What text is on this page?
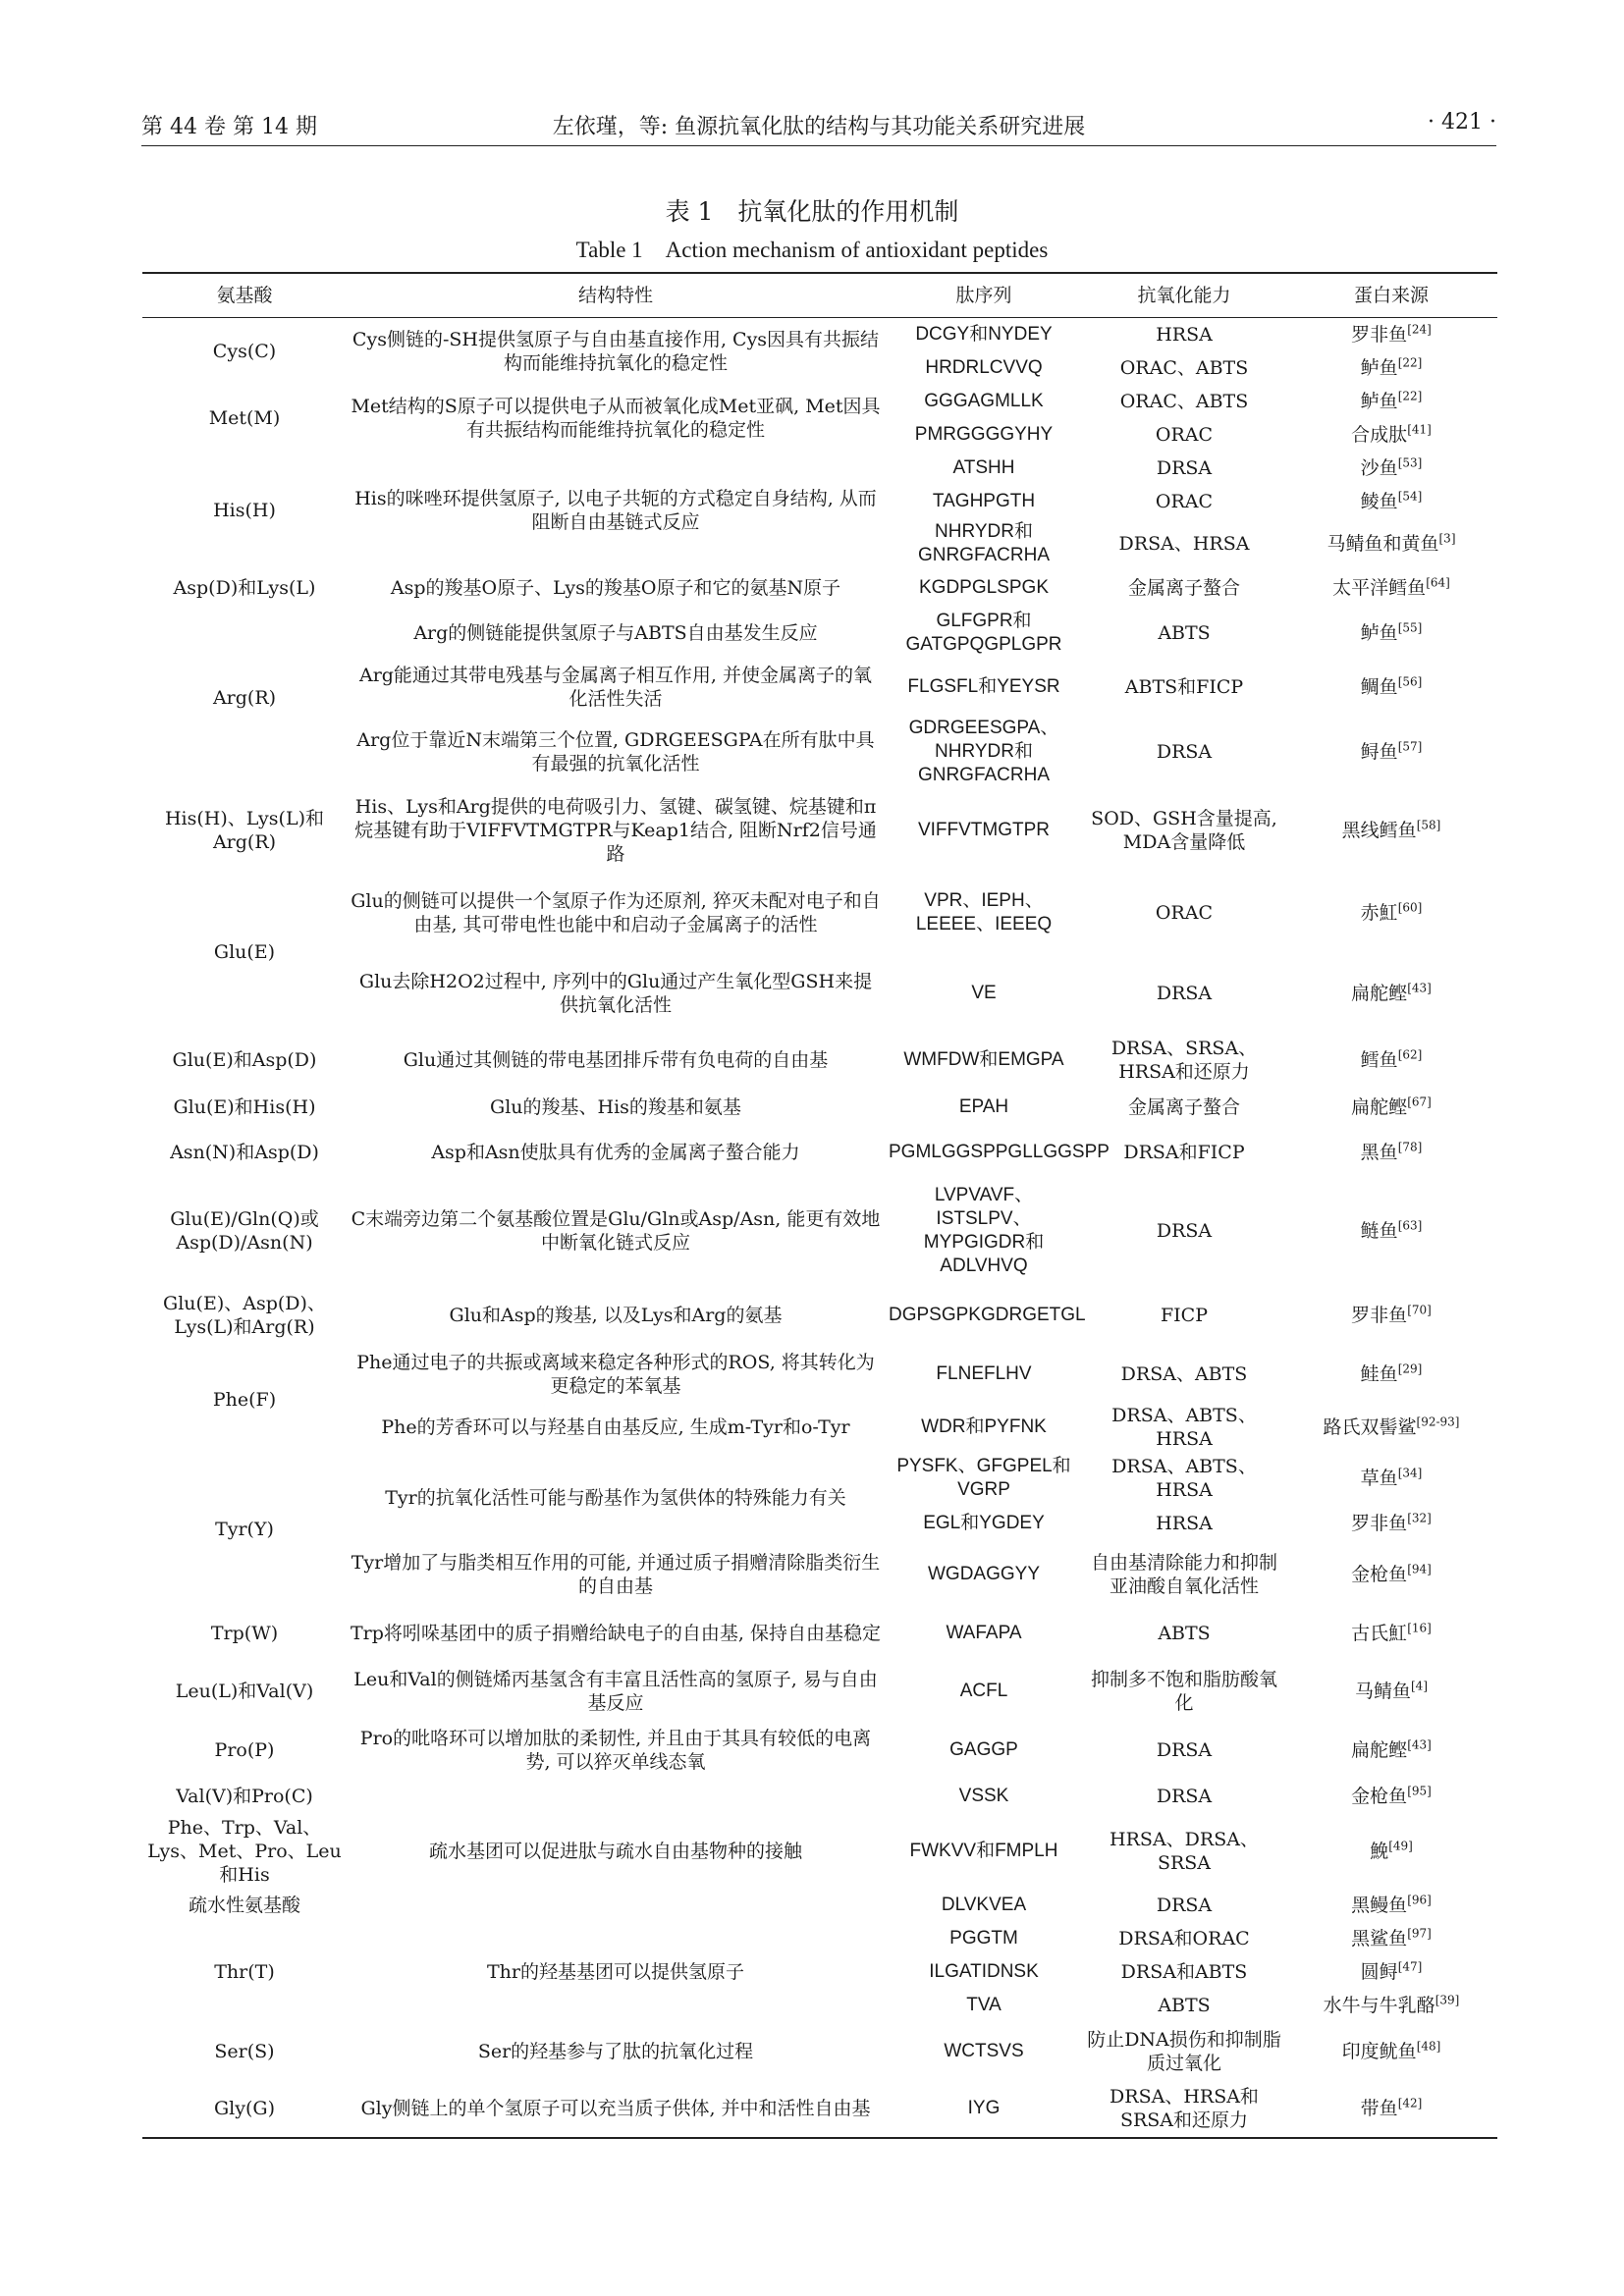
第 44 卷 第 14 期	左依瑾，等: 鱼源抗氧化肽的结构与其功能关系研究进展	· 421 ·
表 1　抗氧化肽的作用机制
Table 1　Action mechanism of antioxidant peptides
氨基酸	结构特性	肽序列	抗氧化能力	蛋白来源
Cys(C)	Cys侧链的-SH提供氢原子与自由基直接作用, Cys因具有共振结构而能维持抗氧化的稳定性	DCGY和NYDEY	HRSA	罗非鱼[24]
		HRDRLCVVQ	ORAC、ABTS	鲈鱼[22]
Met(M)	Met结构的S原子可以提供电子从而被氧化成Met亚砜, Met因具有共振结构而能维持抗氧化的稳定性	GGGAGMLLK	ORAC、ABTS	鲈鱼[22]
		PMRGGGGYHY	ORAC	合成肽[41]
His(H)	His的咪唑环提供氢原子, 以电子共轭的方式稳定自身结构, 从而阻断自由基链式反应	ATSHH	DRSA	沙鱼[53]
		TAGHPGTH	ORAC	鲮鱼[54]
		NHRYDR和GNRGFACRHA	DRSA、HRSA	马鲭鱼和黄鱼[3]
Asp(D)和Lys(L)	Asp的羧基O原子、Lys的羧基O原子和它的氨基N原子	KGDPGLSPGK	金属离子螯合	太平洋鳕鱼[64]
Arg(R)	Arg的侧链能提供氢原子与ABTS自由基发生反应	GLFGPR和GATGPQGPLGPR	ABTS	鲈鱼[55]
	Arg能通过其带电残基与金属离子相互作用, 并使金属离子的氧化活性失活	FLGSFL和YEYSR	ABTS和FICP	鲷鱼[56]
	Arg位于靠近N末端第三个位置, GDRGEESGPA在所有肽中具有最强的抗氧化活性	GDRGEESGPA、NHRYDR和GNRGFACRHA	DRSA	鲟鱼[57]
His(H)、Lys(L)和Arg(R)	His、Lys和Arg提供的电荷吸引力、氢键、碳氢键、烷基键和π烷基键有助于VIFFVTMGTPR与Keap1结合, 阻断Nrf2信号通路	VIFFVTMGTPR	SOD、GSH含量提高, MDA含量降低	黑线鳕鱼[58]
Glu(E)	Glu的侧链可以提供一个氢原子作为还原剂, 猝灭未配对电子和自由基, 其可带电性也能中和启动子金属离子的活性	VPR、IEPH、LEEEE、IEEEQ	ORAC	赤魟[60]
	Glu去除H2O2过程中, 序列中的Glu通过产生氧化型GSH来提供抗氧化活性	VE	DRSA	扁舵鲣[43]
Glu(E)和Asp(D)	Glu通过其侧链的带电基团排斥带有负电荷的自由基	WMFDW和EMGPA	DRSA、SRSA、HRSA和还原力	鳕鱼[62]
Glu(E)和His(H)	Glu的羧基、His的羧基和氨基	EPAH	金属离子螯合	扁舵鲣[67]
Asn(N)和Asp(D)	Asp和Asn使肽具有优秀的金属离子螯合能力	PGMLGGSPPGLLGGSPP	DRSA和FICP	黑鱼[78]
Glu(E)/Gln(Q)或Asp(D)/Asn(N)	C末端旁边第二个氨基酸位置是Glu/Gln或Asp/Asn, 能更有效地中断氧化链式反应	LVPVAVF、ISTSLPV、MYPGIGDR和ADLVHVQ	DRSA	鲢鱼[63]
Glu(E)、Asp(D)、Lys(L)和Arg(R)	Glu和Asp的羧基, 以及Lys和Arg的氨基	DGPSGPKGDRGETGL	FICP	罗非鱼[70]
Phe(F)	Phe通过电子的共振或离域来稳定各种形式的ROS, 将其转化为更稳定的苯氧基	FLNEFLHV	DRSA、ABTS	鲑鱼[29]
	Phe的芳香环可以与羟基自由基反应, 生成m-Tyr和o-Tyr	WDR和PYFNK	DRSA、ABTS、HRSA	路氏双髻鲨[92-93]
Tyr(Y)	Tyr的抗氧化活性可能与酚基作为氢供体的特殊能力有关	PYSFK、GFGPEL和VGRP	DRSA、ABTS、HRSA	草鱼[34]
		EGL和YGDEY	HRSA	罗非鱼[32]
	Tyr增加了与脂类相互作用的可能, 并通过质子捐赠清除脂类衍生的自由基	WGDAGGYY	自由基清除能力和抑制亚油酸自氧化活性	金枪鱼[94]
Trp(W)	Trp将吲哚基团中的质子捐赠给缺电子的自由基, 保持自由基稳定	WAFAPA	ABTS	古氏魟[16]
Leu(L)和Val(V)	Leu和Val的侧链烯丙基氢含有丰富且活性高的氢原子, 易与自由基反应	ACFL	抑制多不饱和脂肪酸氧化	马鲭鱼[4]
Pro(P)	Pro的吡咯环可以增加肽的柔韧性, 并且由于其具有较低的电离势, 可以猝灭单线态氧	GAGGP	DRSA	扁舵鲣[43]
Val(V)和Pro(C)		VSSK	DRSA	金枪鱼[95]
Phe、Trp、Val、Lys、Met、Pro、Leu和His	疏水基团可以促进肽与疏水自由基物种的接触	FWKVV和FMPLH	HRSA、DRSA、SRSA	鮸[49]
疏水性氨基酸		DLVKVEA	DRSA	黑鳗鱼[96]
Thr(T)	Thr的羟基基团可以提供氢原子	PGGTM	DRSA和ORAC	黑鲨鱼[97]
		ILGATIDNSK	DRSA和ABTS	圆鲟[47]
		TVA	ABTS	水牛与牛乳酪[39]
Ser(S)	Ser的羟基参与了肽的抗氧化过程	WCTSVS	防止DNA损伤和抑制脂质过氧化	印度鱿鱼[48]
Gly(G)	Gly侧链上的单个氢原子可以充当质子供体, 并中和活性自由基	IYG	DRSA、HRSA和SRSA和还原力	带鱼[42]
